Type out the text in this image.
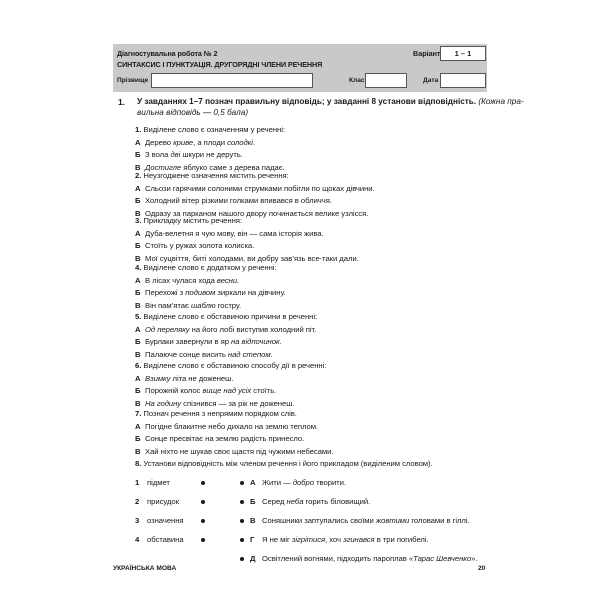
Діагностувальна робота № 2
СИНТАКСИС І ПУНКТУАЦІЯ. ДРУГОРЯДНІ ЧЛЕНИ РЕЧЕННЯ
Варіант	1 – 1
Прізвище	Клас	Дата
1. У завданнях 1–7 познач правильну відповідь; у завданні 8 установи відповідність. (Кожна пра-
вильна відповідь — 0,5 бала)
1. Виділене слово є означенням у реченні:
А Дерево криве, а плоди солодкі.
Б З вола дві шкури не деруть.
В Достигле яблуко саме з дерева падає.
2. Неузгоджене означення містить речення:
А Сльози гарячими солоними струмками побігли по щоках дівчини.
Б Холодний вітер різкими голками впивався в обличчя.
В Одразу за парканом нашого двору починається велике узлісся.
3. Прикладку містить речення:
А Дуба-велетня я чую мову, він — сама історія жива.
Б Стоїть у ружах золота колиска.
В Мої суцвіття, биті холодами, ви добру зав’язь все-таки дали.
4. Виділене слово є додатком у реченні:
А В лісах чулася хода весни.
Б Перехожі з подивом зиркали на дівчину.
В Він пам’ятає шаблю гостру.
5. Виділене слово є обставиною причини в реченні:
А Од переляку на його лобі виступив холодний піт.
Б Бурлаки завернули в яр на відпочинок.
В Палаюче сонце висить над степом.
6. Виділене слово є обставиною способу дії в реченні:
А Взимку літа не доженеш.
Б Порожній колос вище над усіх стоїть.
В На годину спізнився — за рік не доженеш.
7. Познач речення з непрямим порядком слів.
А Погідне блакитне небо дихало на землю теплом.
Б Сонце пресвітає на землю радість принесло.
В Хай ніхто не шукав своє щастя під чужими небесами.
8. Установи відповідність між членом речення і його прикладом (виділеним словом).
1 підмет
2 присудок
3 означення
4 обставина
А Жити — добро творити.
Б Серед неба горить біловищий.
В Соняшники заптупались своїми жовтими головами в гіллі.
Г Я не міг зігрітися, хоч згинався в три погибелі.
Д Освітлений вогнями, підходить пароплав «Тарас Шевченко».
УКРАЇНСЬКА МОВА	20
